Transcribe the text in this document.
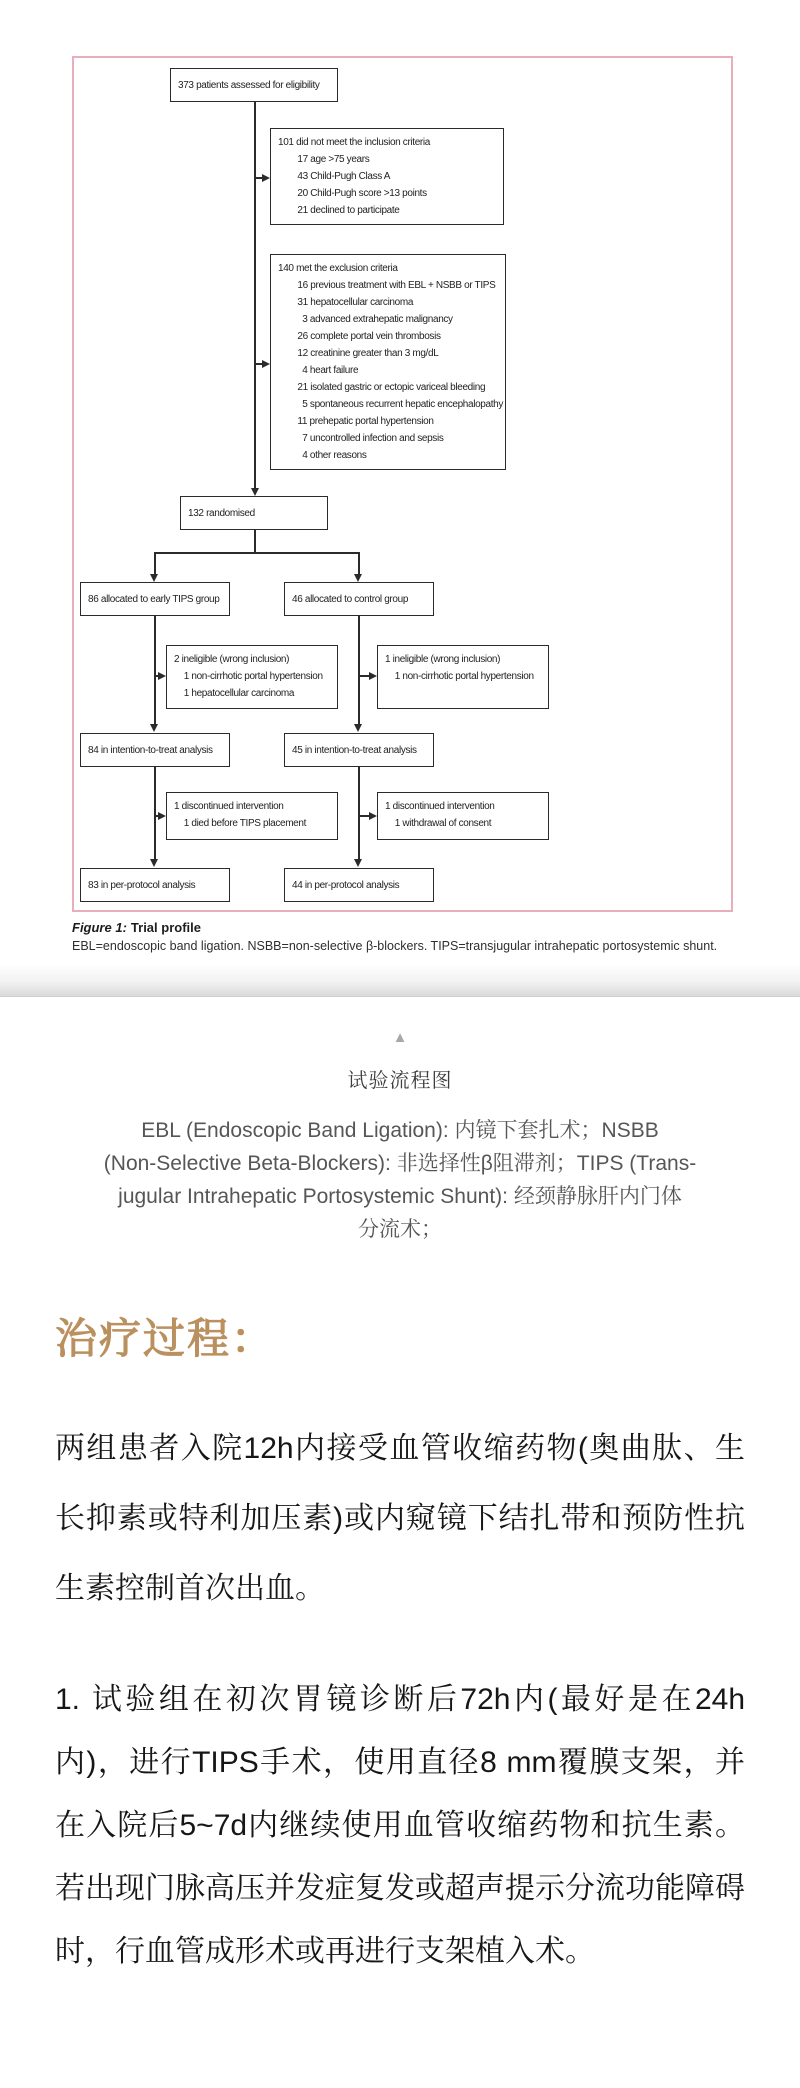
373 patients assessed for eligibility
101 did not meet the inclusion criteria
17 age >75 years
43 Child-Pugh Class A
20 Child-Pugh score >13 points
21 declined to participate
140 met the exclusion criteria
16 previous treatment with EBL + NSBB or TIPS
31 hepatocellular carcinoma
3 advanced extrahepatic malignancy
26 complete portal vein thrombosis
12 creatinine greater than 3 mg/dL
4 heart failure
21 isolated gastric or ectopic variceal bleeding
5 spontaneous recurrent hepatic encephalopathy
11 prehepatic portal hypertension
7 uncontrolled infection and sepsis
4 other reasons
132 randomised
86 allocated to early TIPS group	46 allocated to control group
2 ineligible (wrong inclusion)
1 non-cirrhotic portal hypertension
1 hepatocellular carcinoma
1 ineligible (wrong inclusion)
1 non-cirrhotic portal hypertension
84 in intention-to-treat analysis	45 in intention-to-treat analysis
1 discontinued intervention
1 died before TIPS placement
1 discontinued intervention
1 withdrawal of consent
83 in per-protocol analysis	44 in per-protocol analysis
Figure 1: Trial profile
EBL=endoscopic band ligation. NSBB=non-selective β-blockers. TIPS=transjugular intrahepatic portosystemic shunt.
▲
试验流程图
EBL (Endoscopic Band Ligation): 内镜下套扎术；NSBB
(Non-Selective Beta-Blockers): 非选择性β阻滞剂；TIPS (Trans-
jugular Intrahepatic Portosystemic Shunt): 经颈静脉肝内门体
分流术；
治疗过程：

两组患者入院12h内接受血管收缩药物(奥曲肽、生长抑素或特利加压素)或内窥镜下结扎带和预防性抗生素控制首次出血。

1. 试验组在初次胃镜诊断后72h内(最好是在24h内)，进行TIPS手术，使用直径8 mm覆膜支架，并在入院后5~7d内继续使用血管收缩药物和抗生素。若出现门脉高压并发症复发或超声提示分流功能障碍时，行血管成形术或再进行支架植入术。
